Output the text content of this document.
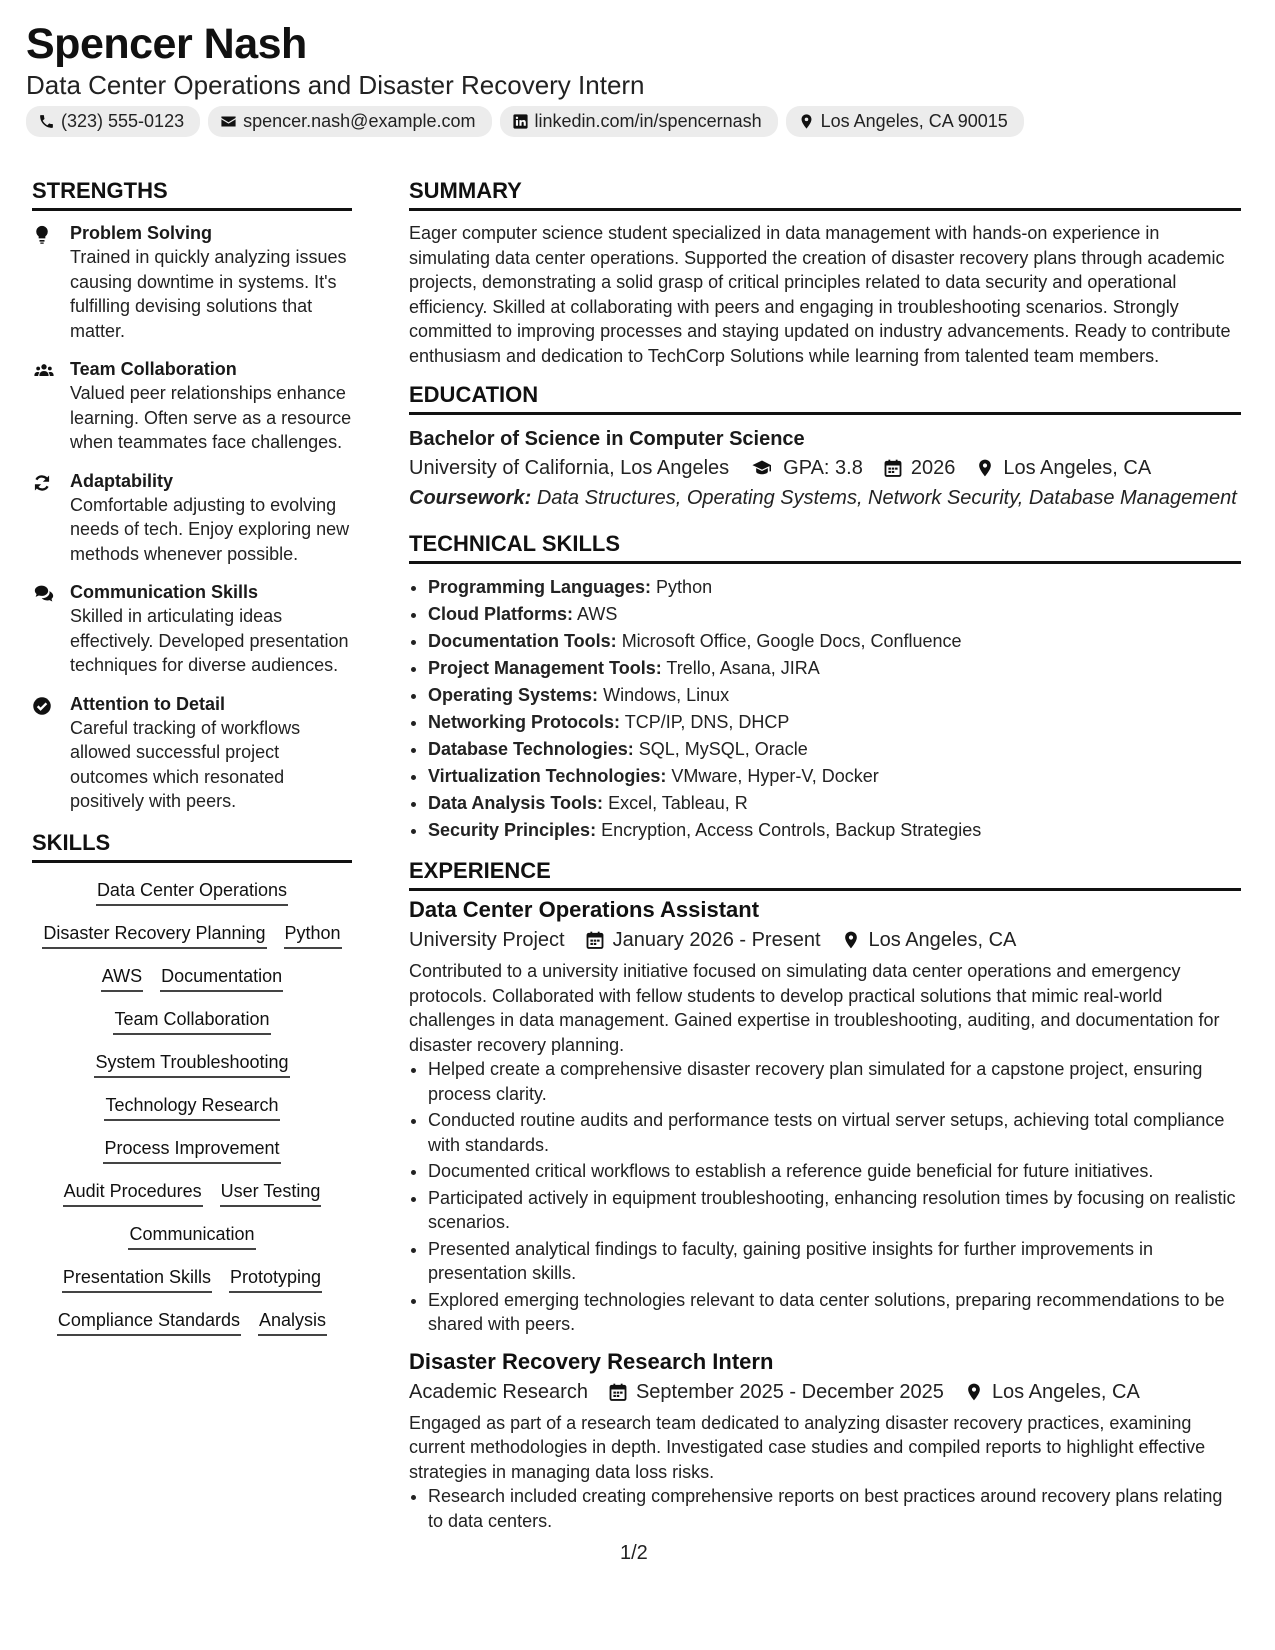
Spencer Nash
Data Center Operations and Disaster Recovery Intern
(323) 555-0123	spencer.nash@example.com	linkedin.com/in/spencernash	Los Angeles, CA 90015
STRENGTHS
Problem Solving
Trained in quickly analyzing issues causing downtime in systems. It's fulfilling devising solutions that matter.
Team Collaboration
Valued peer relationships enhance learning. Often serve as a resource when teammates face challenges.
Adaptability
Comfortable adjusting to evolving needs of tech. Enjoy exploring new methods whenever possible.
Communication Skills
Skilled in articulating ideas effectively. Developed presentation techniques for diverse audiences.
Attention to Detail
Careful tracking of workflows allowed successful project outcomes which resonated positively with peers.
SKILLS
Data Center Operations
Disaster Recovery Planning Python
AWS Documentation
Team Collaboration
System Troubleshooting
Technology Research
Process Improvement
Audit Procedures User Testing
Communication
Presentation Skills Prototyping
Compliance Standards Analysis
SUMMARY

Eager computer science student specialized in data management with hands-on experience in simulating data center operations. Supported the creation of disaster recovery plans through academic projects, demonstrating a solid grasp of critical principles related to data security and operational efficiency. Skilled at collaborating with peers and engaging in troubleshooting scenarios. Strongly committed to improving processes and staying updated on industry advancements. Ready to contribute enthusiasm and dedication to TechCorp Solutions while learning from talented team members.

EDUCATION
Bachelor of Science in Computer Science
University of California, Los Angeles	GPA: 3.8 2026 Los Angeles, CA
Coursework: Data Structures, Operating Systems, Network Security, Database Management
TECHNICAL SKILLS
• Programming Languages: Python
• Cloud Platforms: AWS
• Documentation Tools: Microsoft Office, Google Docs, Confluence
• Project Management Tools: Trello, Asana, JIRA
• Operating Systems: Windows, Linux
• Networking Protocols: TCP/IP, DNS, DHCP
• Database Technologies: SQL, MySQL, Oracle
• Virtualization Technologies: VMware, Hyper-V, Docker
• Data Analysis Tools: Excel, Tableau, R
• Security Principles: Encryption, Access Controls, Backup Strategies
EXPERIENCE
Data Center Operations Assistant
University Project January 2026 - Present Los Angeles, CA

Contributed to a university initiative focused on simulating data center operations and emergency protocols. Collaborated with fellow students to develop practical solutions that mimic real-world challenges in data management. Gained expertise in troubleshooting, auditing, and documentation for disaster recovery planning.

• Helped create a comprehensive disaster recovery plan simulated for a capstone project, ensuring process clarity.
• Conducted routine audits and performance tests on virtual server setups, achieving total compliance with standards.
• Documented critical workflows to establish a reference guide beneficial for future initiatives.
• Participated actively in equipment troubleshooting, enhancing resolution times by focusing on realistic scenarios.
• Presented analytical findings to faculty, gaining positive insights for further improvements in presentation skills.
• Explored emerging technologies relevant to data center solutions, preparing recommendations to be shared with peers.
Disaster Recovery Research Intern
Academic Research September 2025 - December 2025 Los Angeles, CA

Engaged as part of a research team dedicated to analyzing disaster recovery practices, examining current methodologies in depth. Investigated case studies and compiled reports to highlight effective strategies in managing data loss risks.

• Research included creating comprehensive reports on best practices around recovery plans relating to data centers.
1/2
